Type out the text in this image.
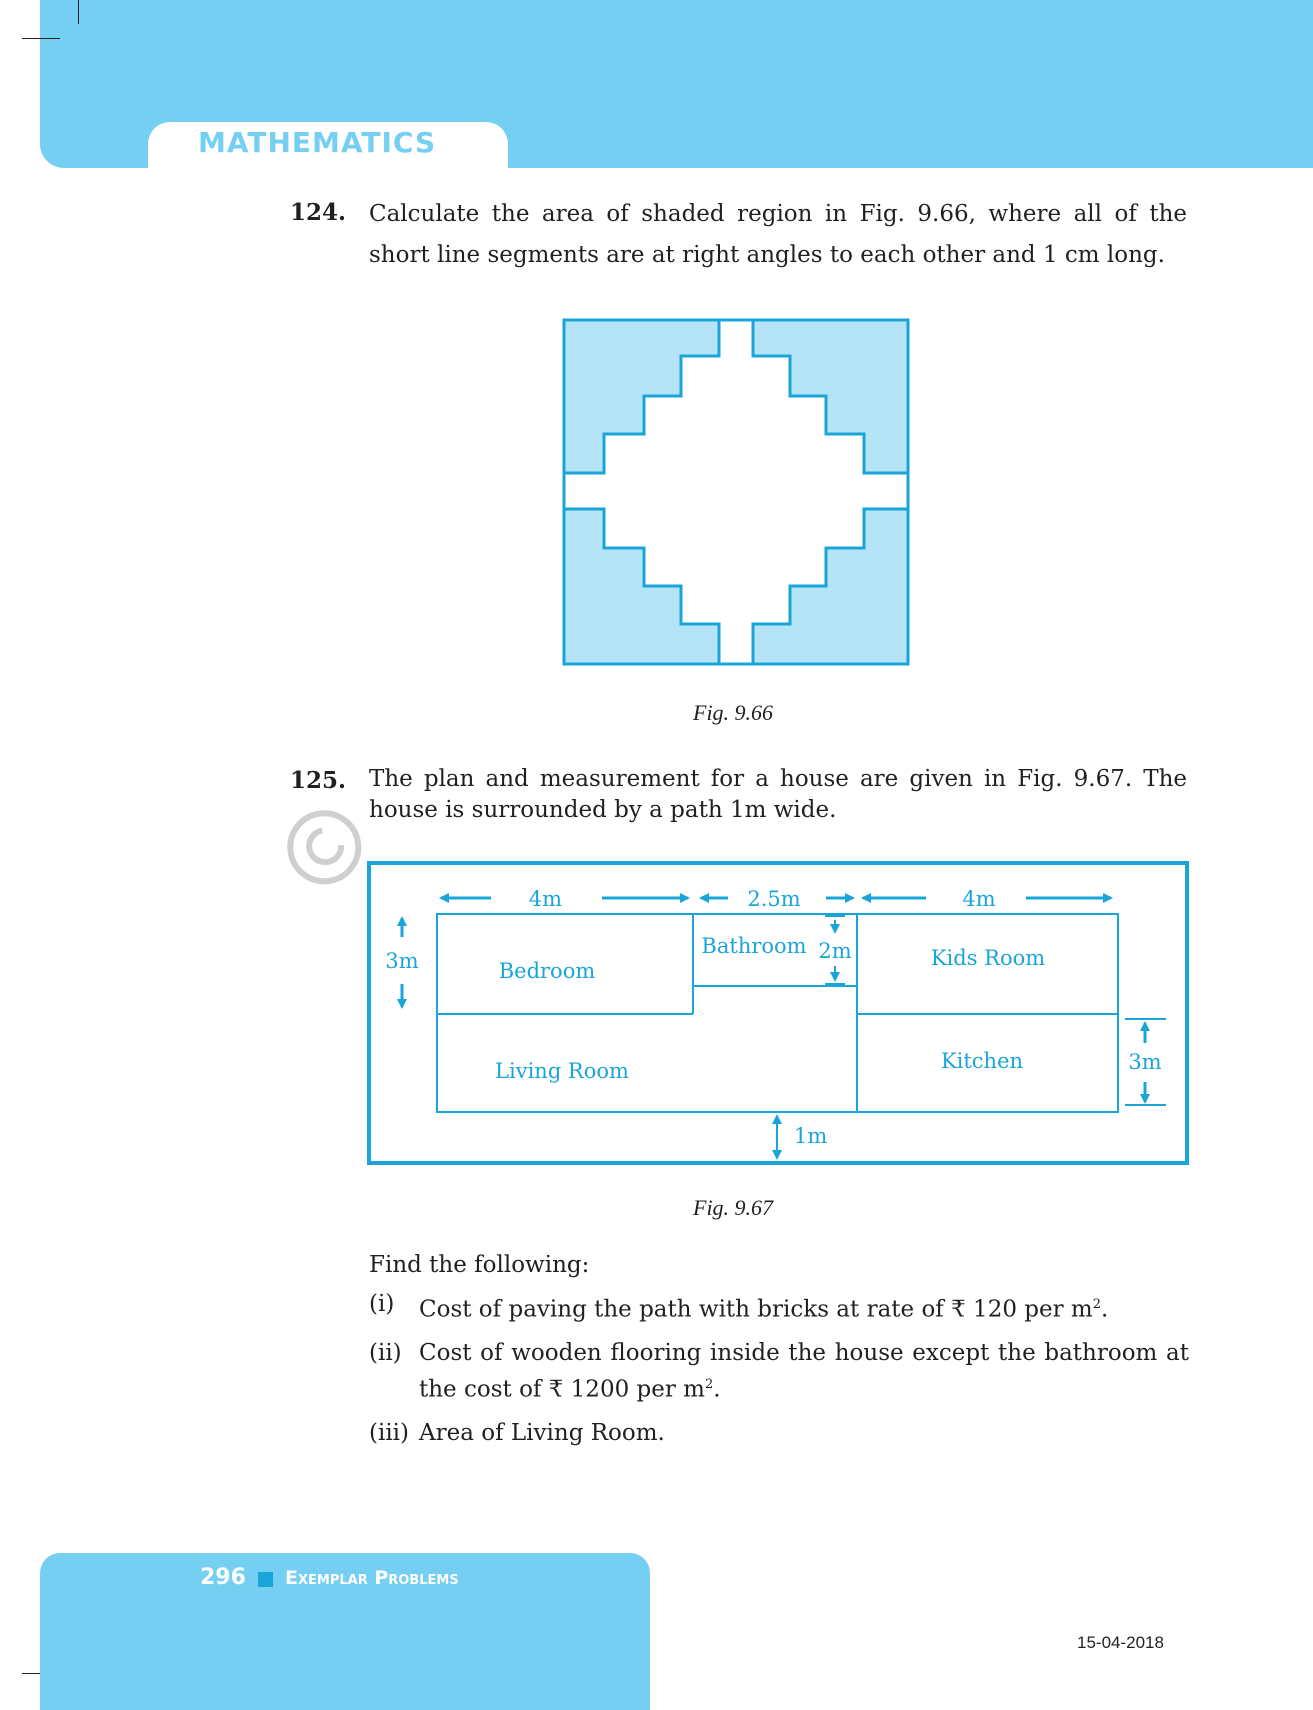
MATHEMATICS
124. Calculate the area of shaded region in Fig. 9.66, where all of the short line segments are at right angles to each other and 1 cm long.
Fig. 9.66
125. The plan and measurement for a house are given in Fig. 9.67. The house is surrounded by a path 1m wide.
4m	2.5m	4m
3m	2m
3m
1m
Bedroom
Bathroom	Kids Room
Living Room	Kitchen
Fig. 9.67
Find the following:
(i) Cost of paving the path with bricks at rate of ₹ 120 per $m^2$.
(ii) Cost of wooden flooring inside the house except the bathroom at the cost of ₹ 1200 per $m^2$.
(iii) Area of Living Room.
296 Exemplar Problems
15-04-2018
